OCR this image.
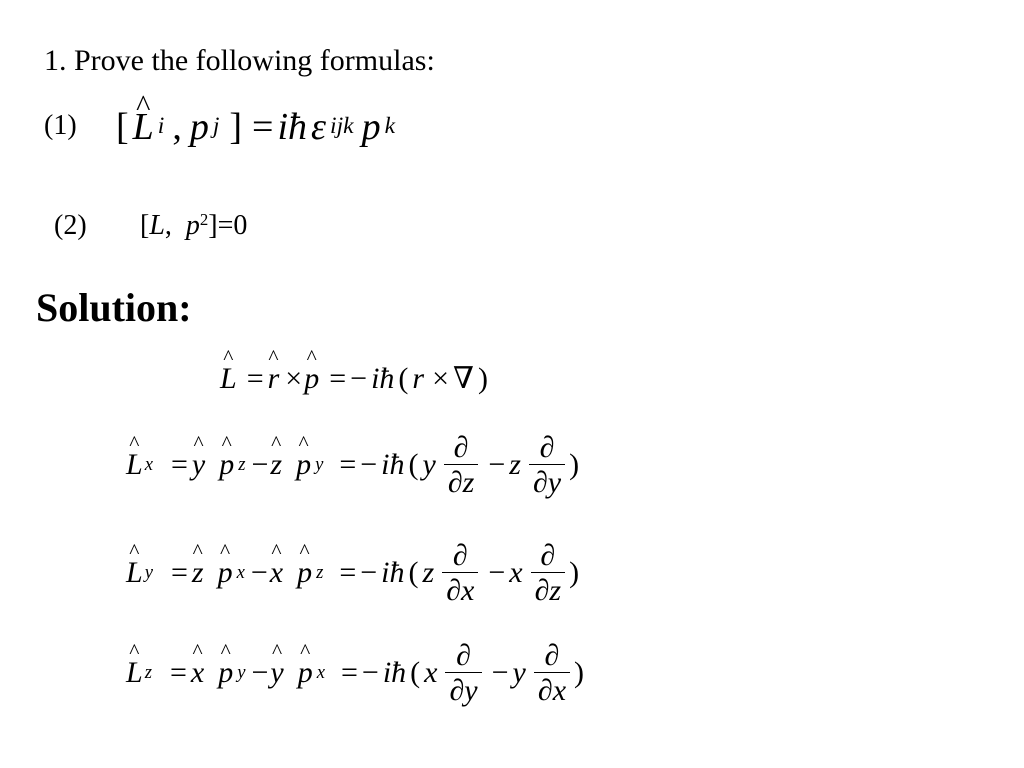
1. Prove the following formulas:
(1) [ ^ L i , p j ] = iħ ε ijk p k
(2) [L,  $p^2]=0$
Solution:
^ L = ^ r × ^ p = − iħ ( r × ∇ )
^ L x = ^ y ^ p z − ^ z ^ p y = − iħ ( y $\frac{\partial}{\partial z} - z \frac{\partial}{\partial y}$ )
^ L y = ^ z ^ p x − ^ x ^ p z = − iħ ( z $\frac{\partial}{\partial x} - x \frac{\partial}{\partial z}$ )
^ L z = ^ x ^ p y − ^ y ^ p x = − iħ ( x $\frac{\partial}{\partial y} - y \frac{\partial}{\partial x}$ )
